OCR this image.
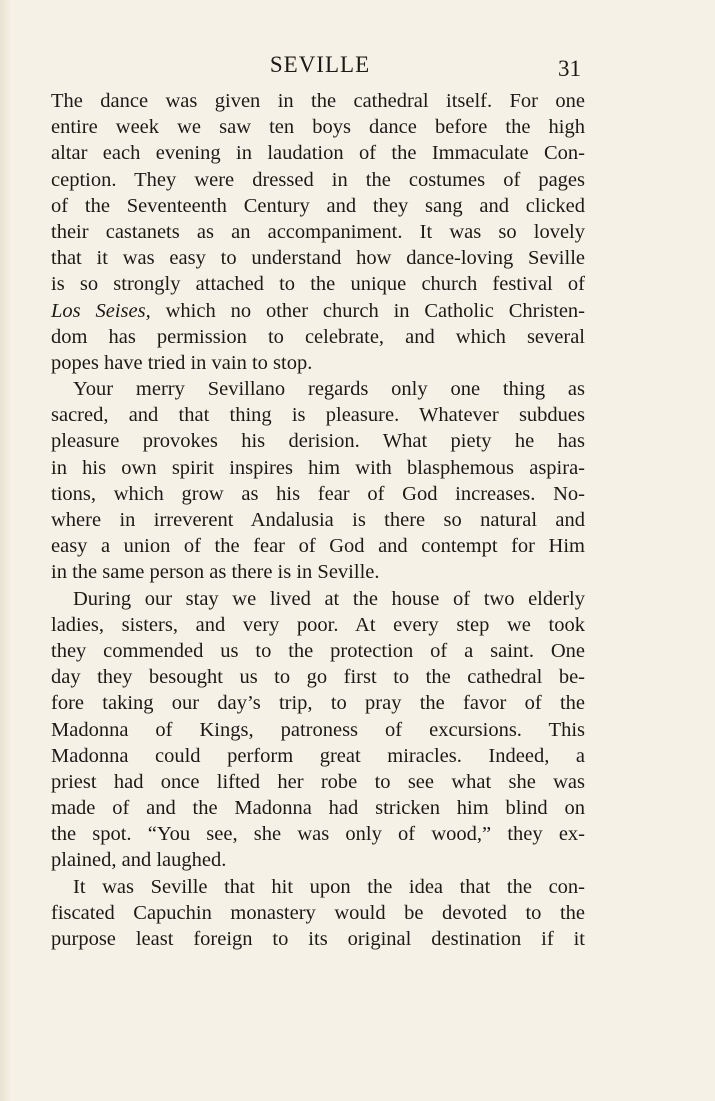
SEVILLE	31
The dance was given in the cathedral itself. For one
entire week we saw ten boys dance before the high
altar each evening in laudation of the Immaculate Con-
ception. They were dressed in the costumes of pages
of the Seventeenth Century and they sang and clicked
their castanets as an accompaniment. It was so lovely
that it was easy to understand how dance-loving Seville
is so strongly attached to the unique church festival of
Los Seises, which no other church in Catholic Christen-
dom has permission to celebrate, and which several
popes have tried in vain to stop.
Your merry Sevillano regards only one thing as
sacred, and that thing is pleasure. Whatever subdues
pleasure provokes his derision. What piety he has
in his own spirit inspires him with blasphemous aspira-
tions, which grow as his fear of God increases. No-
where in irreverent Andalusia is there so natural and
easy a union of the fear of God and contempt for Him
in the same person as there is in Seville.
During our stay we lived at the house of two elderly
ladies, sisters, and very poor. At every step we took
they commended us to the protection of a saint. One
day they besought us to go first to the cathedral be-
fore taking our day’s trip, to pray the favor of the
Madonna of Kings, patroness of excursions. This
Madonna could perform great miracles. Indeed, a
priest had once lifted her robe to see what she was
made of and the Madonna had stricken him blind on
the spot. “You see, she was only of wood,” they ex-
plained, and laughed.
It was Seville that hit upon the idea that the con-
fiscated Capuchin monastery would be devoted to the
purpose least foreign to its original destination if it
